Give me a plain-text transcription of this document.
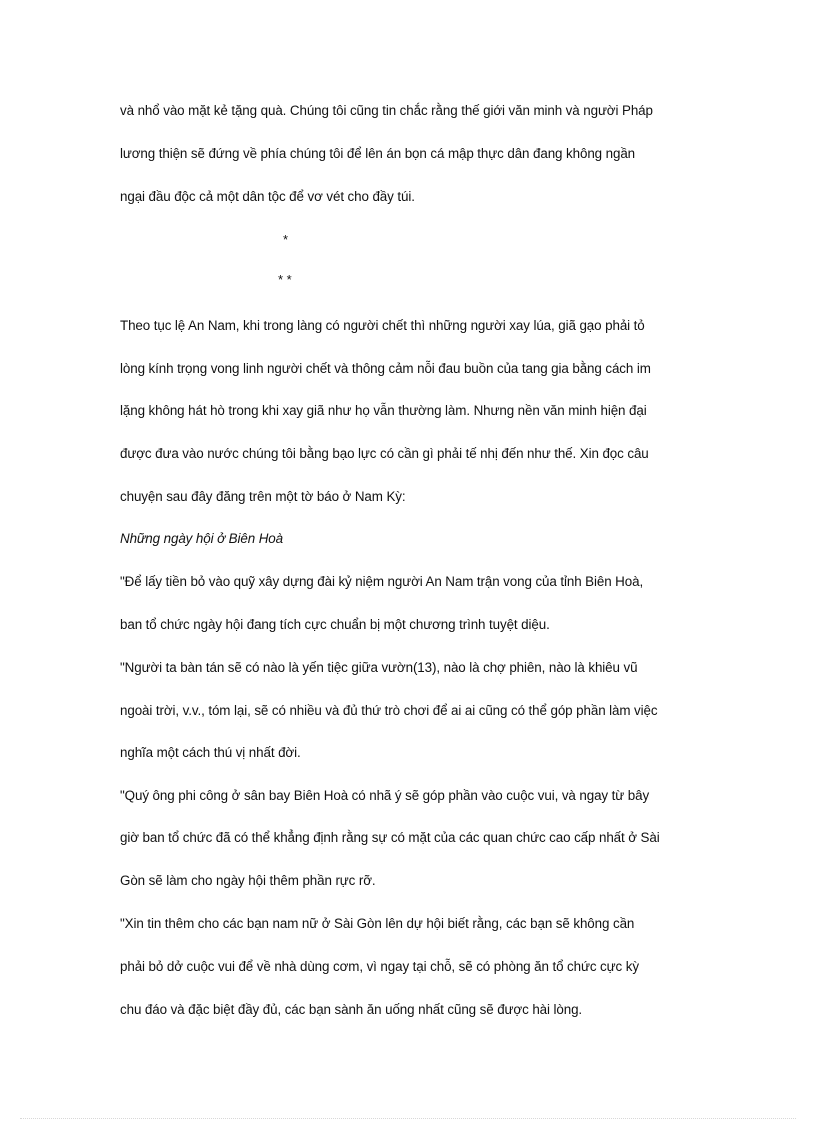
và nhổ vào mặt kẻ tặng quà. Chúng tôi cũng tin chắc rằng thế giới văn minh và người Pháp
lương thiện sẽ đứng về phía chúng tôi để lên án bọn cá mập thực dân đang không ngần
ngại đầu độc cả một dân tộc để vơ vét cho đầy túi.
*
* *
Theo tục lệ An Nam, khi trong làng có người chết thì những người xay lúa, giã gạo phải tỏ
lòng kính trọng vong linh người chết và thông cảm nỗi đau buồn của tang gia bằng cách im
lặng không hát hò trong khi xay giã như họ vẫn thường làm. Nhưng nền văn minh hiện đại
được đưa vào nước chúng tôi bằng bạo lực có cần gì phải tế nhị đến như thế. Xin đọc câu
chuyện sau đây đăng trên một tờ báo ở Nam Kỳ:
Những ngày hội ở Biên Hoà
"Để lấy tiền bỏ vào quỹ xây dựng đài kỷ niệm người An Nam trận vong của tỉnh Biên Hoà,
ban tổ chức ngày hội đang tích cực chuẩn bị một chương trình tuyệt diệu.
"Người ta bàn tán sẽ có nào là yến tiệc giữa vườn(13), nào là chợ phiên, nào là khiêu vũ
ngoài trời, v.v., tóm lại, sẽ có nhiều và đủ thứ trò chơi để ai ai cũng có thể góp phần làm việc
nghĩa một cách thú vị nhất đời.
"Quý ông phi công ở sân bay Biên Hoà có nhã ý sẽ góp phần vào cuộc vui, và ngay từ bây
giờ ban tổ chức đã có thể khẳng định rằng sự có mặt của các quan chức cao cấp nhất ở Sài
Gòn sẽ làm cho ngày hội thêm phần rực rỡ.
"Xin tin thêm cho các bạn nam nữ ở Sài Gòn lên dự hội biết rằng, các bạn sẽ không cần
phải bỏ dở cuộc vui để về nhà dùng cơm, vì ngay tại chỗ, sẽ có phòng ăn tổ chức cực kỳ
chu đáo và đặc biệt đầy đủ, các bạn sành ăn uống nhất cũng sẽ được hài lòng.
